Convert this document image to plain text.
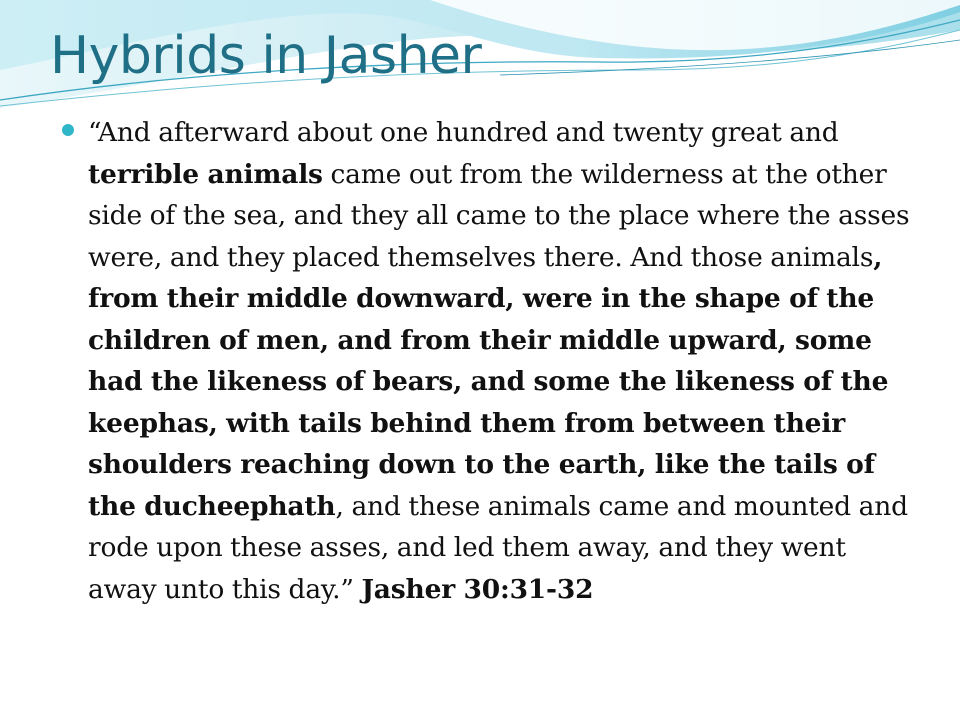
Hybrids in Jasher

“And afterward about one hundred and twenty great and terrible animals came out from the wilderness at the other side of the sea, and they all came to the place where the asses were, and they placed themselves there. And those animals, from their middle downward, were in the shape of the children of men, and from their middle upward, some had the likeness of bears, and some the likeness of the keephas, with tails behind them from between their shoulders reaching down to the earth, like the tails of the ducheephath, and these animals came and mounted and rode upon these asses, and led them away, and they went away unto this day.” Jasher 30:31-32
